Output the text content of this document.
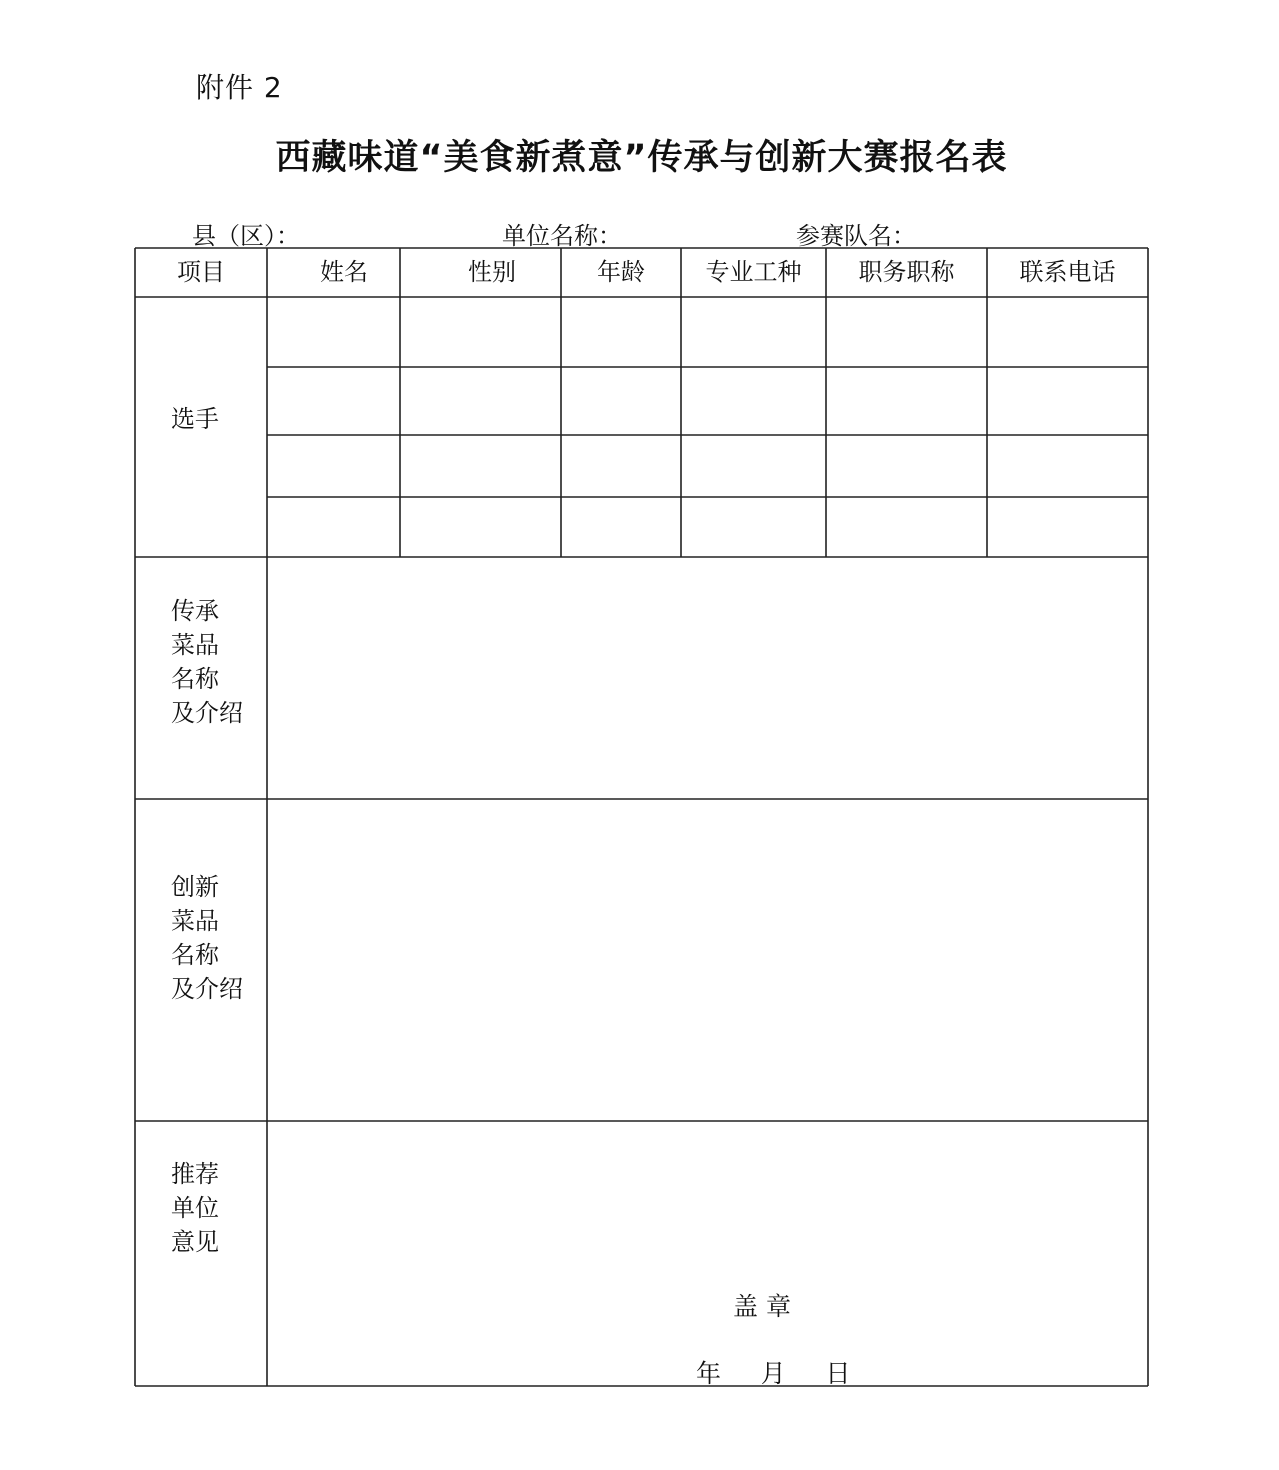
附件 2
西藏味道“美食新煮意”传承与创新大赛报名表
县（区）：	单位名称：	参赛队名：
项目	姓名	性别	年龄	专业工种	职务职称	联系电话
选手
传承
菜品
名称
及介绍
创新
菜品
名称
及介绍
推荐
单位
意见
盖 章
年     月     日
